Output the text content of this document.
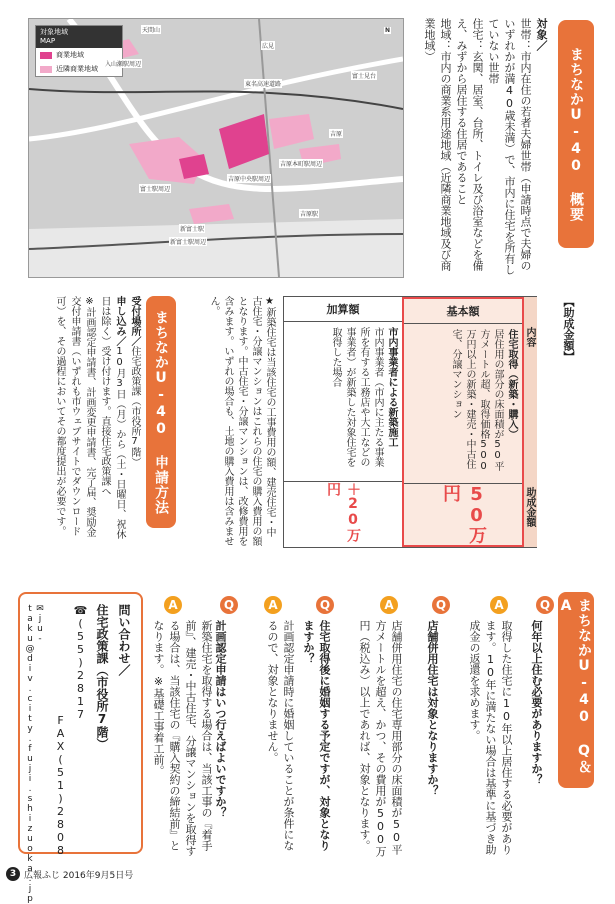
対象地域
MAP
商業地域
近隣商業地域
天間山
入山瀬駅周辺
広見
富士見台
富士駅周辺
吉原中央駅周辺
吉原本町駅周辺
吉原
新富士駅
新富士駅周辺
吉原駅
東名高速道路
N
まちなかU-40 概要
対象／
世帯：市内在住の若者夫婦世帯（申請時点で夫婦のいずれかが満40歳未満）で、市内に住宅を所有していない世帯
住宅：玄関、居室、台所、トイレ及び浴室などを備え、みずから居住する住居であること
地域：市内の商業系用途地域（近隣商業地域及び商業地域）
【助成金額】
内容
助成金額
基本額
住宅取得（新築・購入）
居住用の部分の床面積が50平方メートル超、取得価格500万円以上の新築・建売・中古住宅、分譲マンション
50万円
加算額
市内事業者による新築施工
市内事業者（市内に主たる事業所を有する工務店や大工などの事業者）が新築した対象住宅を取得した場合
＋20万円
★新築住宅は当該住宅の工事費用の額、建売住宅・中古住宅・分譲マンションはこれらの住宅の購入費用の額となります。中古住宅・分譲マンションは、改修費用を含みます。いずれの場合も、土地の購入費用は含みません。
まちなかU-40 申請方法
受付場所／住宅政策課（市役所7階）
申し込み／10月3日（月）から（土・日曜日、祝休日は除く）受け付けます。直接住宅政策課へ
※計画認定申請書、計画変更申請書、完了届、奨励金交付申請書（いずれも市ウェブサイトでダウンロード可）を、その過程においてその都度提出が必要です。
まちなかU-40 Q＆A
Q
何年以上住む必要がありますか？
A
取得した住宅に10年以上居住する必要があります。10年に満たない場合は基準に基づき助成金の返還を求めます。
Q
店舗併用住宅は対象となりますか？
A
店舗併用住宅の住宅専用部分の床面積が50平方メートルを超え、かつ、その費用が500万円（税込み）以上であれば、対象となります。
Q
住宅取得後に婚姻する予定ですが、対象となりますか？
A
計画認定申請時に婚姻していることが条件になるので、対象となりません。
Q
計画認定申請はいつ行えばよいですか？
A
新築住宅を取得する場合は、当該工事の『着手前』、建売・中古住宅、分譲マンションを取得する場合は、当該住宅の『購入契約の締結前』となります。※基礎工事着工前。
問い合わせ／
住宅政策課（市役所7階）
☎(55)2817
FAX(51)2808
✉ju-taku@div.city.fuji.shizuoka.jp
3 広報ふじ 2016年9月5日号
